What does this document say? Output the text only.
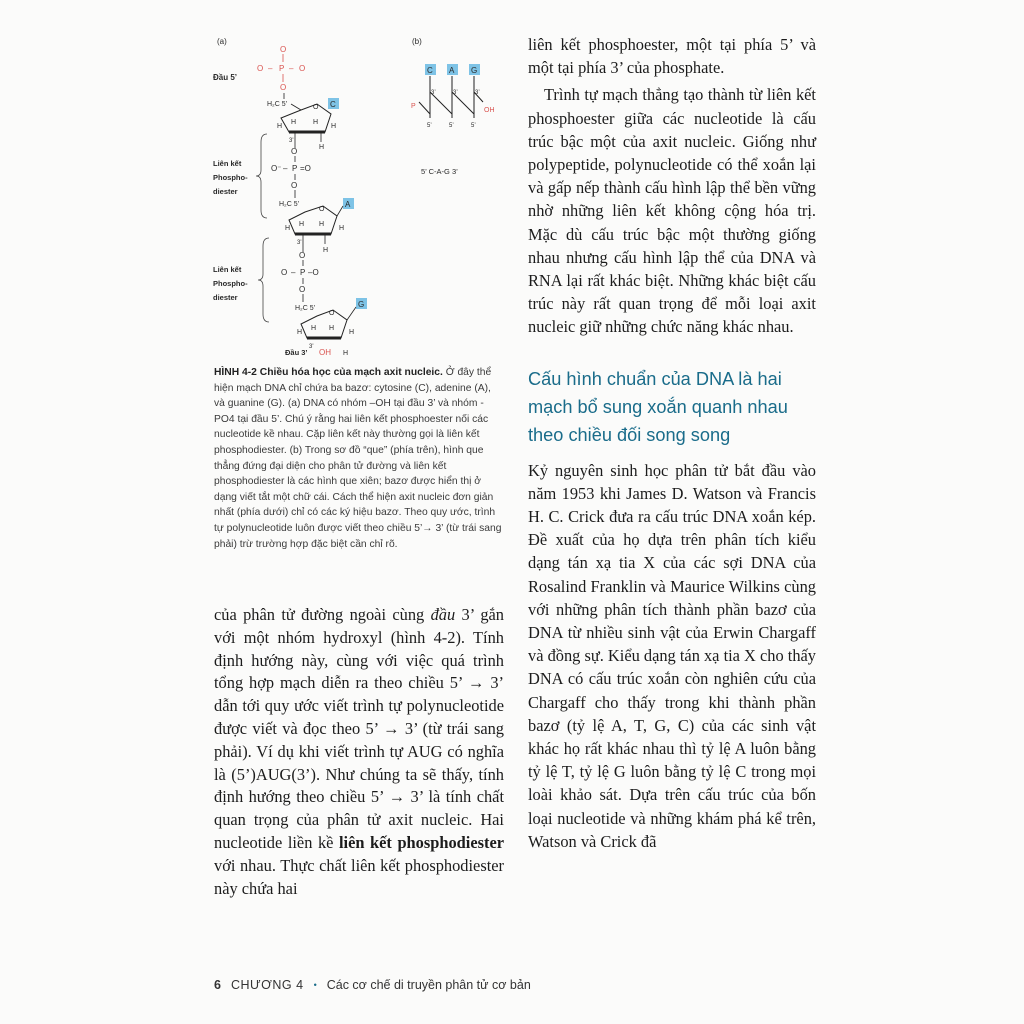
(a)	(b)
O
O – P – O
O
Đầu 5’
H₂C 5'	O C
H
H H
H
3'
H
O
O⁻ – P =O
O
Liên kết
Phospho-
diester
H₂C 5'
O
A
H
H H
H
3'
H
O
O – P –O
O
Liên kết
Phospho-
diester
H₂C 5'
O
G
H
H H
H
3'
Đầu 3’ OH H
C A G
P
OH
3’	3’	3’
5’	5’	5’
5’ C-A-G 3’
HÌNH 4-2 Chiều hóa học của mạch axit nucleic. Ở đây thể hiện mạch DNA chỉ chứa ba bazơ: cytosine (C), adenine (A), và guanine (G). (a) DNA có nhóm –OH tại đầu 3’ và nhóm -PO4 tại đầu 5’. Chú ý rằng hai liên kết phosphoester nối các nucleotide kề nhau. Cặp liên kết này thường gọi là liên kết phosphodiester. (b) Trong sơ đồ “que” (phía trên), hình que thẳng đứng đại diện cho phân tử đường và liên kết phosphodiester là các hình que xiên; bazơ được hiển thị ở dạng viết tắt một chữ cái. Cách thể hiện axit nucleic đơn giản nhất (phía dưới) chỉ có các ký hiệu bazơ. Theo quy ước, trình tự polynucleotide luôn được viết theo chiều 5’→ 3’ (từ trái sang phải) trừ trường hợp đặc biệt cần chỉ rõ.

của phân tử đường ngoài cùng đầu 3’ gắn với một nhóm hydroxyl (hình 4-2). Tính định hướng này, cùng với việc quá trình tổng hợp mạch diễn ra theo chiều 5’ → 3’ dẫn tới quy ước viết trình tự polynucleotide được viết và đọc theo 5’ → 3’ (từ trái sang phải). Ví dụ khi viết trình tự AUG có nghĩa là (5’)AUG(3’). Như chúng ta sẽ thấy, tính định hướng theo chiều 5’ → 3’ là tính chất quan trọng của phân tử axit nucleic. Hai nucleotide liền kề liên kết phosphodiester với nhau. Thực chất liên kết phosphodiester này chứa hai

liên kết phosphoester, một tại phía 5’ và một tại phía 3’ của phosphate.

Trình tự mạch thẳng tạo thành từ liên kết phosphoester giữa các nucleotide là cấu trúc bậc một của axit nucleic. Giống như polypeptide, polynucleotide có thể xoắn lại và gấp nếp thành cấu hình lập thể bền vững nhờ những liên kết không cộng hóa trị. Mặc dù cấu trúc bậc một thường giống nhau nhưng cấu hình lập thể của DNA và RNA lại rất khác biệt. Những khác biệt cấu trúc này rất quan trọng để mỗi loại axit nucleic giữ những chức năng khác nhau.

Cấu hình chuẩn của DNA là hai mạch bổ sung xoắn quanh nhau theo chiều đối song song

Kỷ nguyên sinh học phân tử bắt đầu vào năm 1953 khi James D. Watson và Francis H. C. Crick đưa ra cấu trúc DNA xoắn kép. Đề xuất của họ dựa trên phân tích kiểu dạng tán xạ tia X của các sợi DNA của Rosalind Franklin và Maurice Wilkins cùng với những phân tích thành phần bazơ của DNA từ nhiều sinh vật của Erwin Chargaff và đồng sự. Kiểu dạng tán xạ tia X cho thấy DNA có cấu trúc xoắn còn nghiên cứu của Chargaff cho thấy trong khi thành phần bazơ (tỷ lệ A, T, G, C) của các sinh vật khác họ rất khác nhau thì tỷ lệ A luôn bằng tỷ lệ T, tỷ lệ G luôn bằng tỷ lệ C trong mọi loài khảo sát. Dựa trên cấu trúc của bốn loại nucleotide và những khám phá kể trên, Watson và Crick đã

6 CHƯƠNG 4 • Các cơ chế di truyền phân tử cơ bản
